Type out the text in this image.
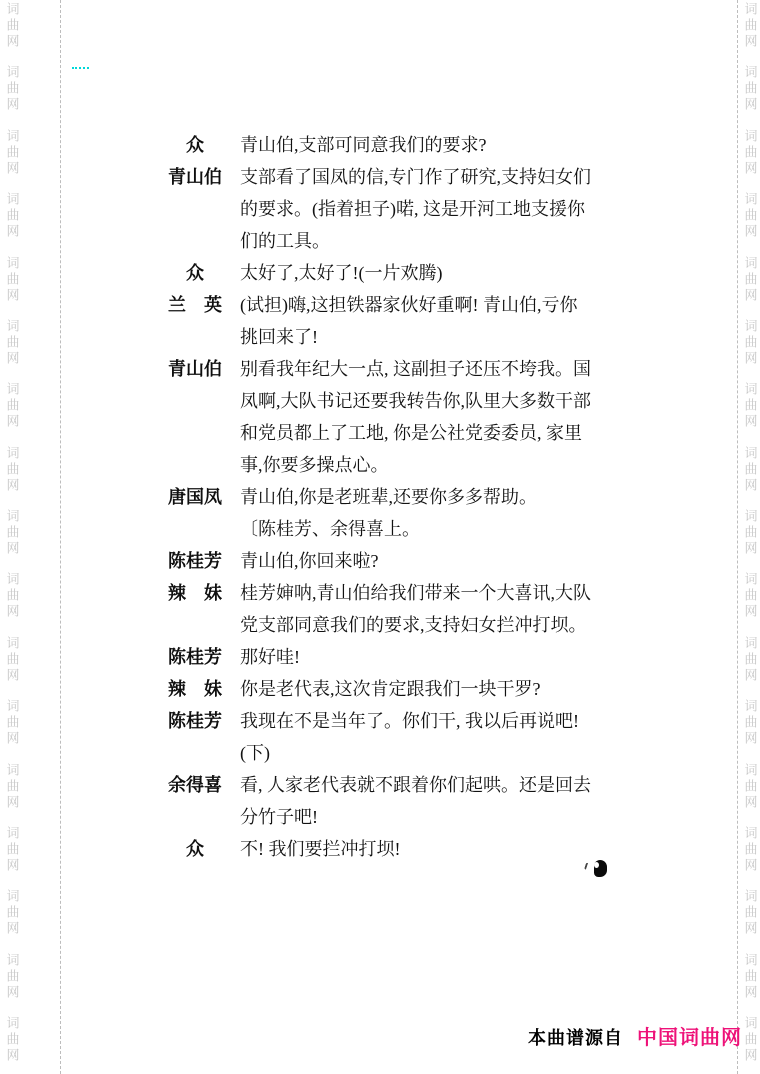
词曲网
词曲网
词曲网
词曲网
词曲网
词曲网
词曲网
词曲网
词曲网
词曲网
词曲网
词曲网
词曲网
词曲网
词曲网
词曲网
词曲网
词曲网
词曲网
词曲网
词曲网
词曲网
词曲网
词曲网
词曲网
词曲网
词曲网
词曲网
词曲网
词曲网
词曲网
词曲网
词曲网
词曲网
众	青山伯,支部可同意我们的要求?
青山伯 支部看了国凤的信,专门作了研究,支持妇女们
的要求。(指着担子)喏, 这是开河工地支援你
们的工具。
众	太好了,太好了!(一片欢腾)
兰　英 (试担)嗨,这担铁器家伙好重啊! 青山伯,亏你
挑回来了!
青山伯 别看我年纪大一点, 这副担子还压不垮我。国
凤啊,大队书记还要我转告你,队里大多数干部
和党员都上了工地, 你是公社党委委员, 家里
事,你要多操点心。
唐国凤 青山伯,你是老班辈,还要你多多帮助。
〔陈桂芳、余得喜上。
陈桂芳 青山伯,你回来啦?
辣　妹 桂芳婶呐,青山伯给我们带来一个大喜讯,大队
党支部同意我们的要求,支持妇女拦冲打坝。
陈桂芳 那好哇!
辣　妹 你是老代表,这次肯定跟我们一块干罗?
陈桂芳 我现在不是当年了。你们干, 我以后再说吧!
(下)
余得喜 看, 人家老代表就不跟着你们起哄。还是回去
分竹子吧!
众	不! 我们要拦冲打坝!
本曲谱源自 中国词曲网
